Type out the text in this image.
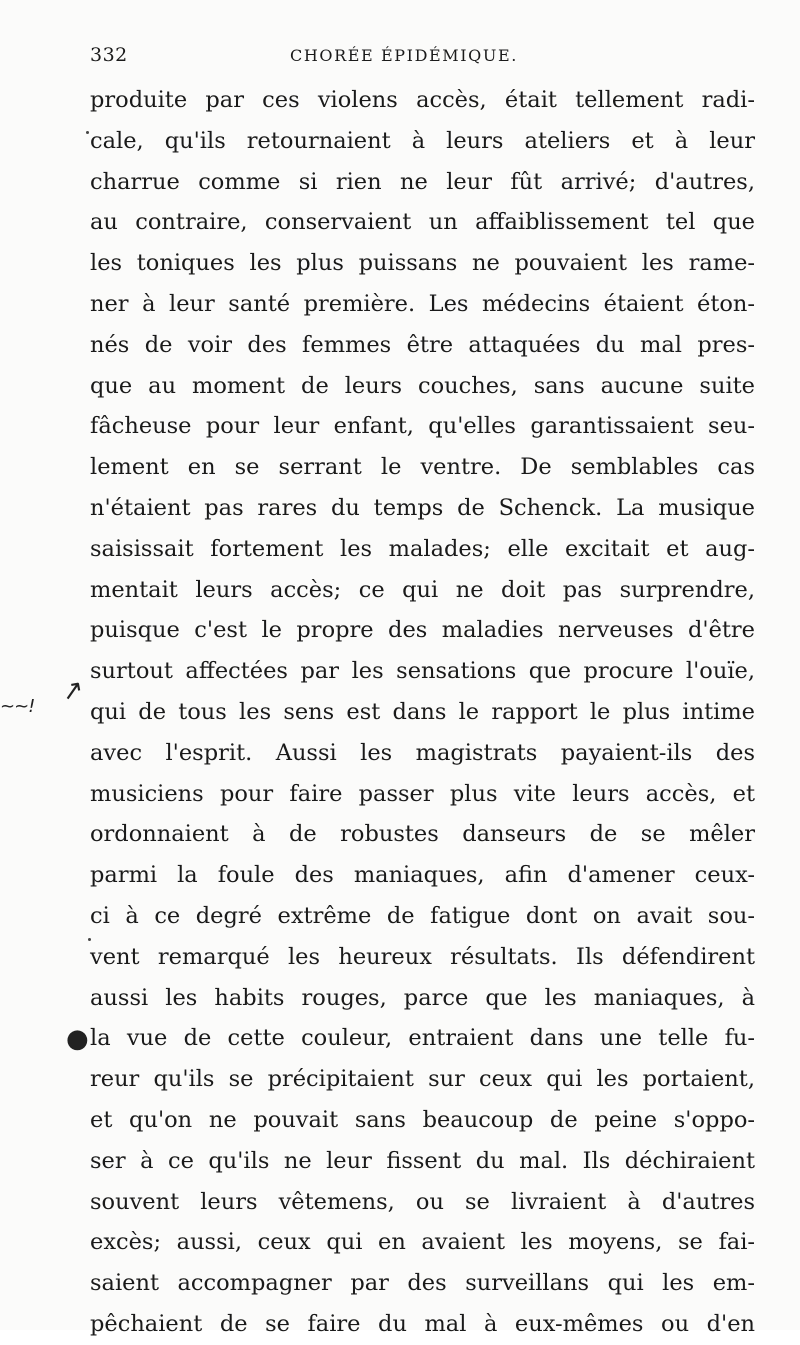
332	CHORÉE ÉPIDÉMIQUE.
produite par ces violens accès, était tellement radi-
cale, qu'ils retournaient à leurs ateliers et à leur
charrue comme si rien ne leur fût arrivé; d'autres,
au contraire, conservaient un affaiblissement tel que
les toniques les plus puissans ne pouvaient les rame-
ner à leur santé première. Les médecins étaient éton-
nés de voir des femmes être attaquées du mal pres-
que au moment de leurs couches, sans aucune suite
fâcheuse pour leur enfant, qu'elles garantissaient seu-
lement en se serrant le ventre. De semblables cas
n'étaient pas rares du temps de Schenck. La musique
saisissait fortement les malades; elle excitait et aug-
mentait leurs accès; ce qui ne doit pas surprendre,
puisque c'est le propre des maladies nerveuses d'être
surtout affectées par les sensations que procure l'ouïe,
qui de tous les sens est dans le rapport le plus intime
avec l'esprit. Aussi les magistrats payaient-ils des
musiciens pour faire passer plus vite leurs accès, et
ordonnaient à de robustes danseurs de se mêler
parmi la foule des maniaques, afin d'amener ceux-
ci à ce degré extrême de fatigue dont on avait sou-
vent remarqué les heureux résultats. Ils défendirent
aussi les habits rouges, parce que les maniaques, à
la vue de cette couleur, entraient dans une telle fu-
reur qu'ils se précipitaient sur ceux qui les portaient,
et qu'on ne pouvait sans beaucoup de peine s'oppo-
ser à ce qu'ils ne leur fissent du mal. Ils déchiraient
souvent leurs vêtemens, ou se livraient à d'autres
excès; aussi, ceux qui en avaient les moyens, se fai-
saient accompagner par des surveillans qui les em-
pêchaient de se faire du mal à eux-mêmes ou d'en
↗
~~!
●
